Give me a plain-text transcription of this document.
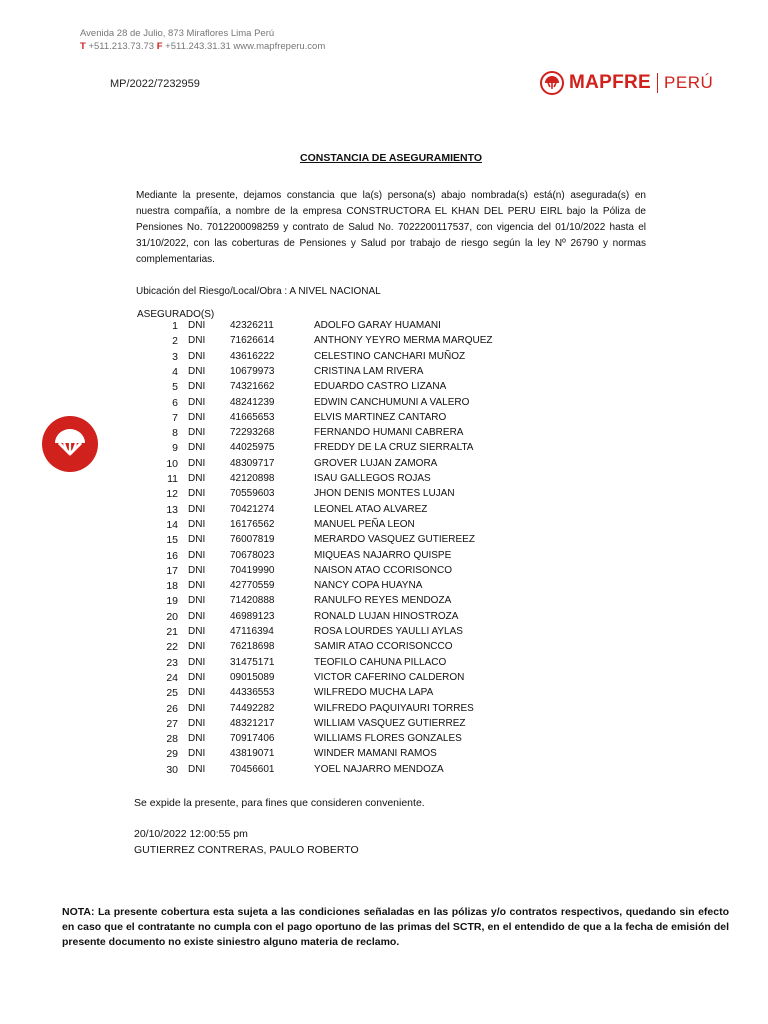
Avenida 28 de Julio, 873 Miraflores Lima Perú
T +511.213.73.73 F +511.243.31.31 www.mapfreperu.com
MP/2022/7232959	MAPFRE PERÚ
CONSTANCIA DE ASEGURAMIENTO
Mediante la presente, dejamos constancia que la(s) persona(s) abajo nombrada(s) está(n) asegurada(s) en nuestra compañía, a nombre de la empresa CONSTRUCTORA EL KHAN DEL PERU EIRL bajo la Póliza de Pensiones No. 7012200098259 y contrato de Salud No. 7022200117537, con vigencia del 01/10/2022 hasta el 31/10/2022, con las coberturas de Pensiones y Salud por trabajo de riesgo según la ley Nº 26790 y normas complementarias.
Ubicación del Riesgo/Local/Obra : A NIVEL NACIONAL
ASEGURADO(S)
1 DNI 42326211	ADOLFO GARAY HUAMANI
2 DNI 71626614	ANTHONY YEYRO MERMA MARQUEZ
3 DNI 43616222	CELESTINO CANCHARI MUÑOZ
4 DNI 10679973	CRISTINA LAM RIVERA
5 DNI 74321662	EDUARDO CASTRO LIZANA
6 DNI 48241239	EDWIN CANCHUMUNI A VALERO
7 DNI 41665653	ELVIS MARTINEZ CANTARO
8 DNI 72293268	FERNANDO HUMANI CABRERA
9 DNI 44025975	FREDDY DE LA CRUZ SIERRALTA
10 DNI 48309717	GROVER LUJAN ZAMORA
11 DNI 42120898	ISAU GALLEGOS ROJAS
12 DNI 70559603	JHON DENIS MONTES LUJAN
13 DNI 70421274	LEONEL ATAO ALVAREZ
14 DNI 16176562	MANUEL PEÑA LEON
15 DNI 76007819	MERARDO VASQUEZ GUTIEREEZ
16 DNI 70678023	MIQUEAS NAJARRO QUISPE
17 DNI 70419990	NAISON ATAO CCORISONCO
18 DNI 42770559	NANCY COPA HUAYNA
19 DNI 71420888	RANULFO REYES MENDOZA
20 DNI 46989123	RONALD LUJAN HINOSTROZA
21 DNI 47116394	ROSA LOURDES YAULLI AYLAS
22 DNI 76218698	SAMIR ATAO CCORISONCCO
23 DNI 31475171	TEOFILO CAHUNA PILLACO
24 DNI 09015089	VICTOR CAFERINO CALDERON
25 DNI 44336553	WILFREDO MUCHA LAPA
26 DNI 74492282	WILFREDO PAQUIYAURI TORRES
27 DNI 48321217	WILLIAM VASQUEZ GUTIERREZ
28 DNI 70917406	WILLIAMS FLORES GONZALES
29 DNI 43819071	WINDER MAMANI RAMOS
30 DNI 70456601	YOEL NAJARRO MENDOZA
Se expide la presente, para fines que consideren conveniente.
20/10/2022 12:00:55 pm
GUTIERREZ CONTRERAS, PAULO ROBERTO
NOTA: La presente cobertura esta sujeta a las condiciones señaladas en las pólizas y/o contratos respectivos, quedando sin efecto en caso que el contratante no cumpla con el pago oportuno de las primas del SCTR, en el entendido de que a la fecha de emisión del presente documento no existe siniestro alguno materia de reclamo.
